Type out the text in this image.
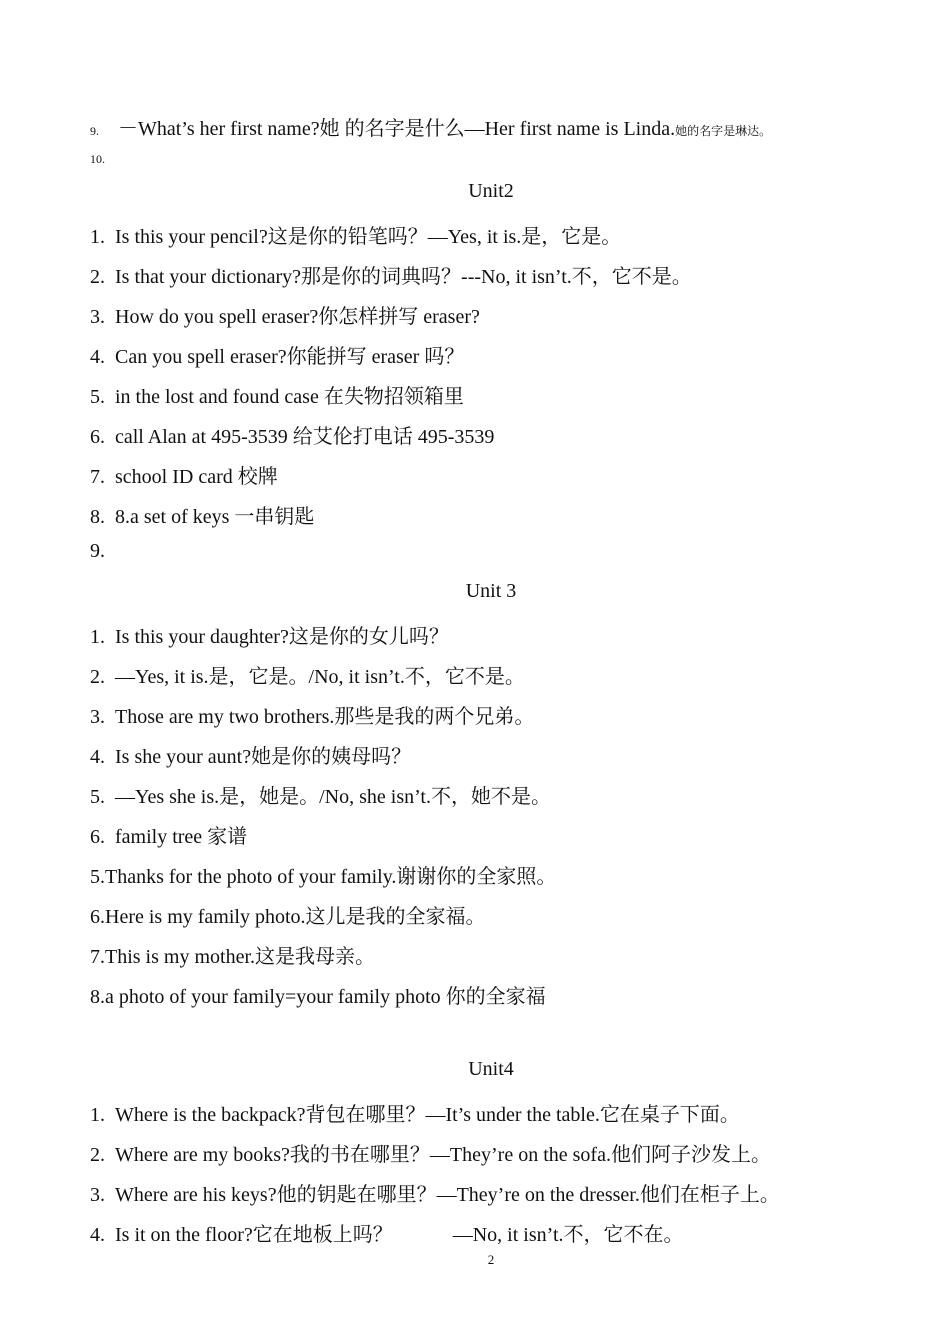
9. －What’s her first name?她 的名字是什么—Her first name is Linda.她的名字是琳达。
10.
Unit2
1. Is this your pencil?这是你的铅笔吗？—Yes, it is.是，它是。
2. Is that your dictionary?那是你的词典吗？---No, it isn’t.不，它不是。
3. How do you spell eraser?你怎样拼写 eraser?
4. Can you spell eraser?你能拼写 eraser 吗？
5. in the lost and found case 在失物招领箱里
6. call Alan at 495-3539 给艾伦打电话 495-3539
7. school ID card 校牌
8. 8.a set of keys 一串钥匙
9.
Unit 3
1. Is this your daughter?这是你的女儿吗？
2. —Yes, it is.是，它是。/No, it isn’t.不，它不是。
3. Those are my two brothers.那些是我的两个兄弟。
4. Is she your aunt?她是你的姨母吗？
5. —Yes she is.是，她是。/No, she isn’t.不，她不是。
6. family tree 家谱
5.Thanks for the photo of your family.谢谢你的全家照。
6.Here is my family photo.这儿是我的全家福。
7.This is my mother.这是我母亲。
8.a photo of your family=your family photo 你的全家福
Unit4
1. Where is the backpack?背包在哪里？—It’s under the table.它在桌子下面。
2. Where are my books?我的书在哪里？—They’re on the sofa.他们阿子沙发上。
3. Where are his keys?他的钥匙在哪里？—They’re on the dresser.他们在柜子上。
4. Is it on the floor?它在地板上吗？            —No, it isn’t.不，它不在。
2
